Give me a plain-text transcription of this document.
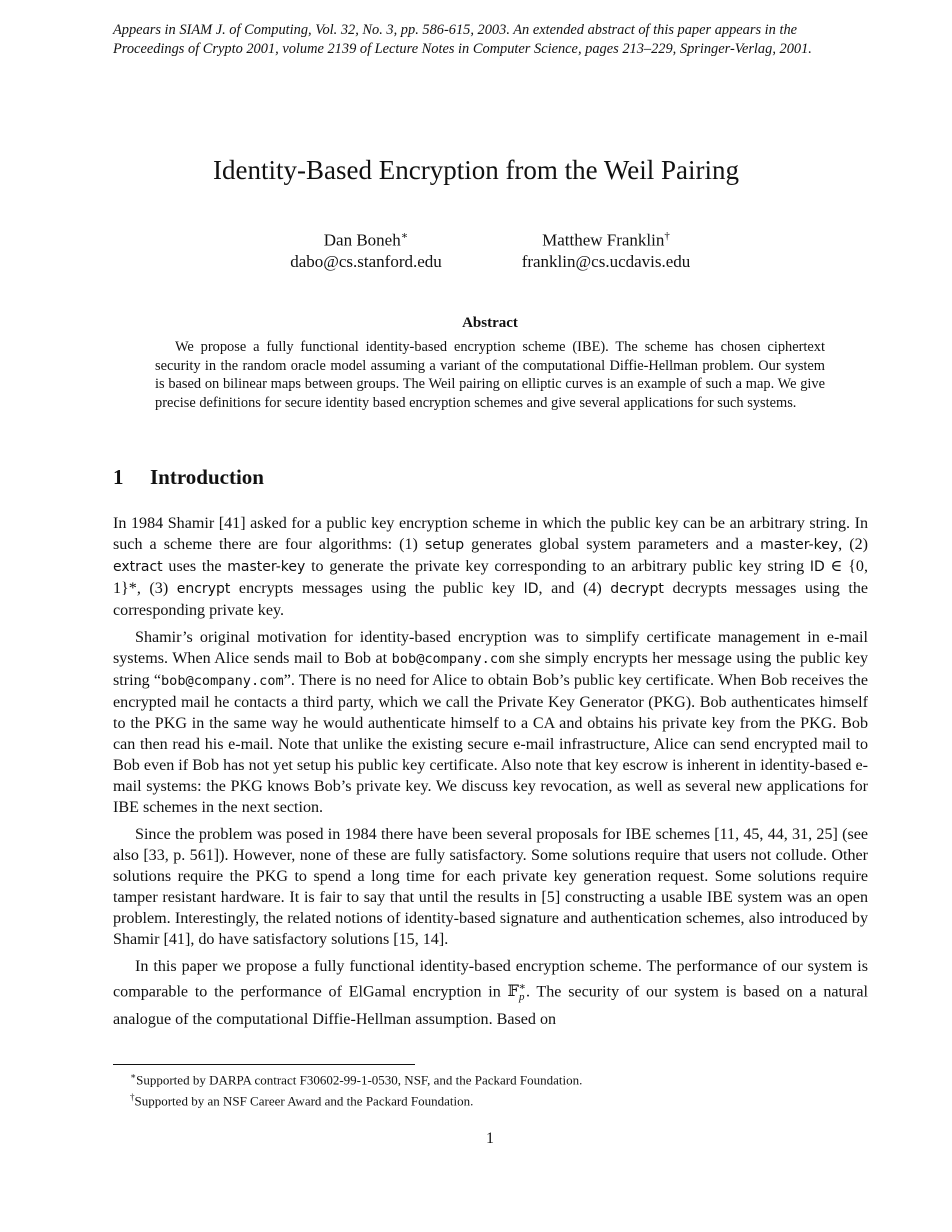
Appears in SIAM J. of Computing, Vol. 32, No. 3, pp. 586-615, 2003. An extended abstract of this paper appears in the Proceedings of Crypto 2001, volume 2139 of Lecture Notes in Computer Science, pages 213–229, Springer-Verlag, 2001.
Identity-Based Encryption from the Weil Pairing
Dan Boneh∗
dabo@cs.stanford.edu
Matthew Franklin†
franklin@cs.ucdavis.edu
Abstract
We propose a fully functional identity-based encryption scheme (IBE). The scheme has chosen ciphertext security in the random oracle model assuming a variant of the computational Diffie-Hellman problem. Our system is based on bilinear maps between groups. The Weil pairing on elliptic curves is an example of such a map. We give precise definitions for secure identity based encryption schemes and give several applications for such systems.
1 Introduction

In 1984 Shamir [41] asked for a public key encryption scheme in which the public key can be an arbitrary string. In such a scheme there are four algorithms: (1) setup generates global system parameters and a master-key, (2) extract uses the master-key to generate the private key corresponding to an arbitrary public key string ID ∈ {0, 1}*, (3) encrypt encrypts messages using the public key ID, and (4) decrypt decrypts messages using the corresponding private key.

Shamir’s original motivation for identity-based encryption was to simplify certificate management in e-mail systems. When Alice sends mail to Bob at bob@company.com she simply encrypts her message using the public key string “bob@company.com”. There is no need for Alice to obtain Bob’s public key certificate. When Bob receives the encrypted mail he contacts a third party, which we call the Private Key Generator (PKG). Bob authenticates himself to the PKG in the same way he would authenticate himself to a CA and obtains his private key from the PKG. Bob can then read his e-mail. Note that unlike the existing secure e-mail infrastructure, Alice can send encrypted mail to Bob even if Bob has not yet setup his public key certificate. Also note that key escrow is inherent in identity-based e-mail systems: the PKG knows Bob’s private key. We discuss key revocation, as well as several new applications for IBE schemes in the next section.

Since the problem was posed in 1984 there have been several proposals for IBE schemes [11, 45, 44, 31, 25] (see also [33, p. 561]). However, none of these are fully satisfactory. Some solutions require that users not collude. Other solutions require the PKG to spend a long time for each private key generation request. Some solutions require tamper resistant hardware. It is fair to say that until the results in [5] constructing a usable IBE system was an open problem. Interestingly, the related notions of identity-based signature and authentication schemes, also introduced by Shamir [41], do have satisfactory solutions [15, 14].

In this paper we propose a fully functional identity-based encryption scheme. The performance of our system is comparable to the performance of ElGamal encryption in 𝔽$_p$∗. The security of our system is based on a natural analogue of the computational Diffie-Hellman assumption. Based on

∗Supported by DARPA contract F30602-99-1-0530, NSF, and the Packard Foundation.
†Supported by an NSF Career Award and the Packard Foundation.
1
